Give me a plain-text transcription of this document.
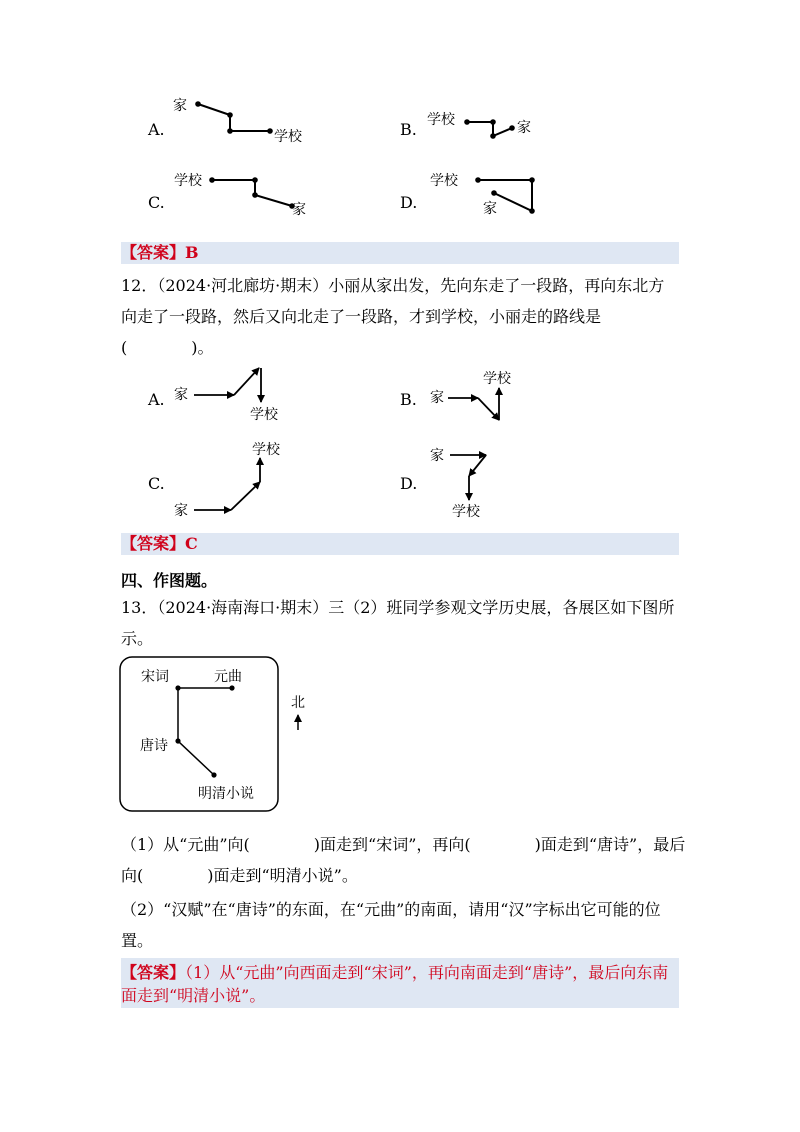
A.
家
学校	B. 学校	家
C.
学校
家	D.
学校
家
【答案】B
12．（2024·河北廊坊·期末）小丽从家出发，先向东走了一段路，再向东北方
向走了一段路，然后又向北走了一段路，才到学校，小丽走的路线是
(　　　　)。
A. 家
学校
B. 家
学校
C.
学校
家
D.
家
学校
【答案】C
四、作图题。
13．（2024·海南海口·期末）三（2）班同学参观文学历史展，各展区如下图所
示。
宋词	元曲
唐诗
明清小说
北
（1）从“元曲”向(　　　　)面走到“宋词”，再向(　　　　)面走到“唐诗”，最后
向(　　　　)面走到“明清小说”。
（2）“汉赋”在“唐诗”的东面，在“元曲”的南面，请用“汉”字标出它可能的位
置。
【答案】（1）从“元曲”向西面走到“宋词”，再向南面走到“唐诗”，最后向东南
面走到“明清小说”。
